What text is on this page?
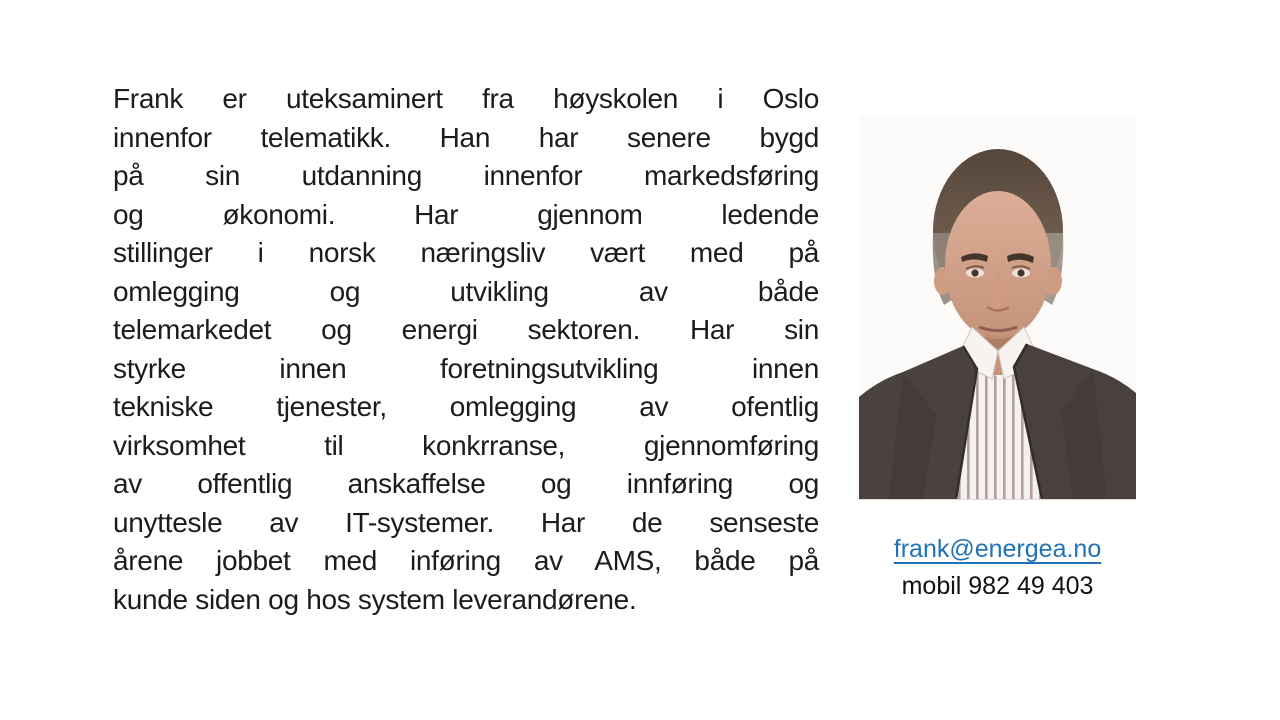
Frank er uteksaminert fra høyskolen i Oslo
innenfor telematikk. Han har senere bygd
på sin utdanning innenfor markedsføring
og økonomi. Har gjennom ledende
stillinger i norsk næringsliv vært med på
omlegging og utvikling av både
telemarkedet og energi sektoren. Har sin
styrke innen foretningsutvikling innen
tekniske tjenester, omlegging av ofentlig
virksomhet til konkrranse, gjennomføring
av offentlig anskaffelse og innføring og
unyttesle av IT-systemer. Har de senseste
årene jobbet med inføring av AMS, både på
kunde siden og hos system leverandørene.
frank@energea.no
mobil 982 49 403
